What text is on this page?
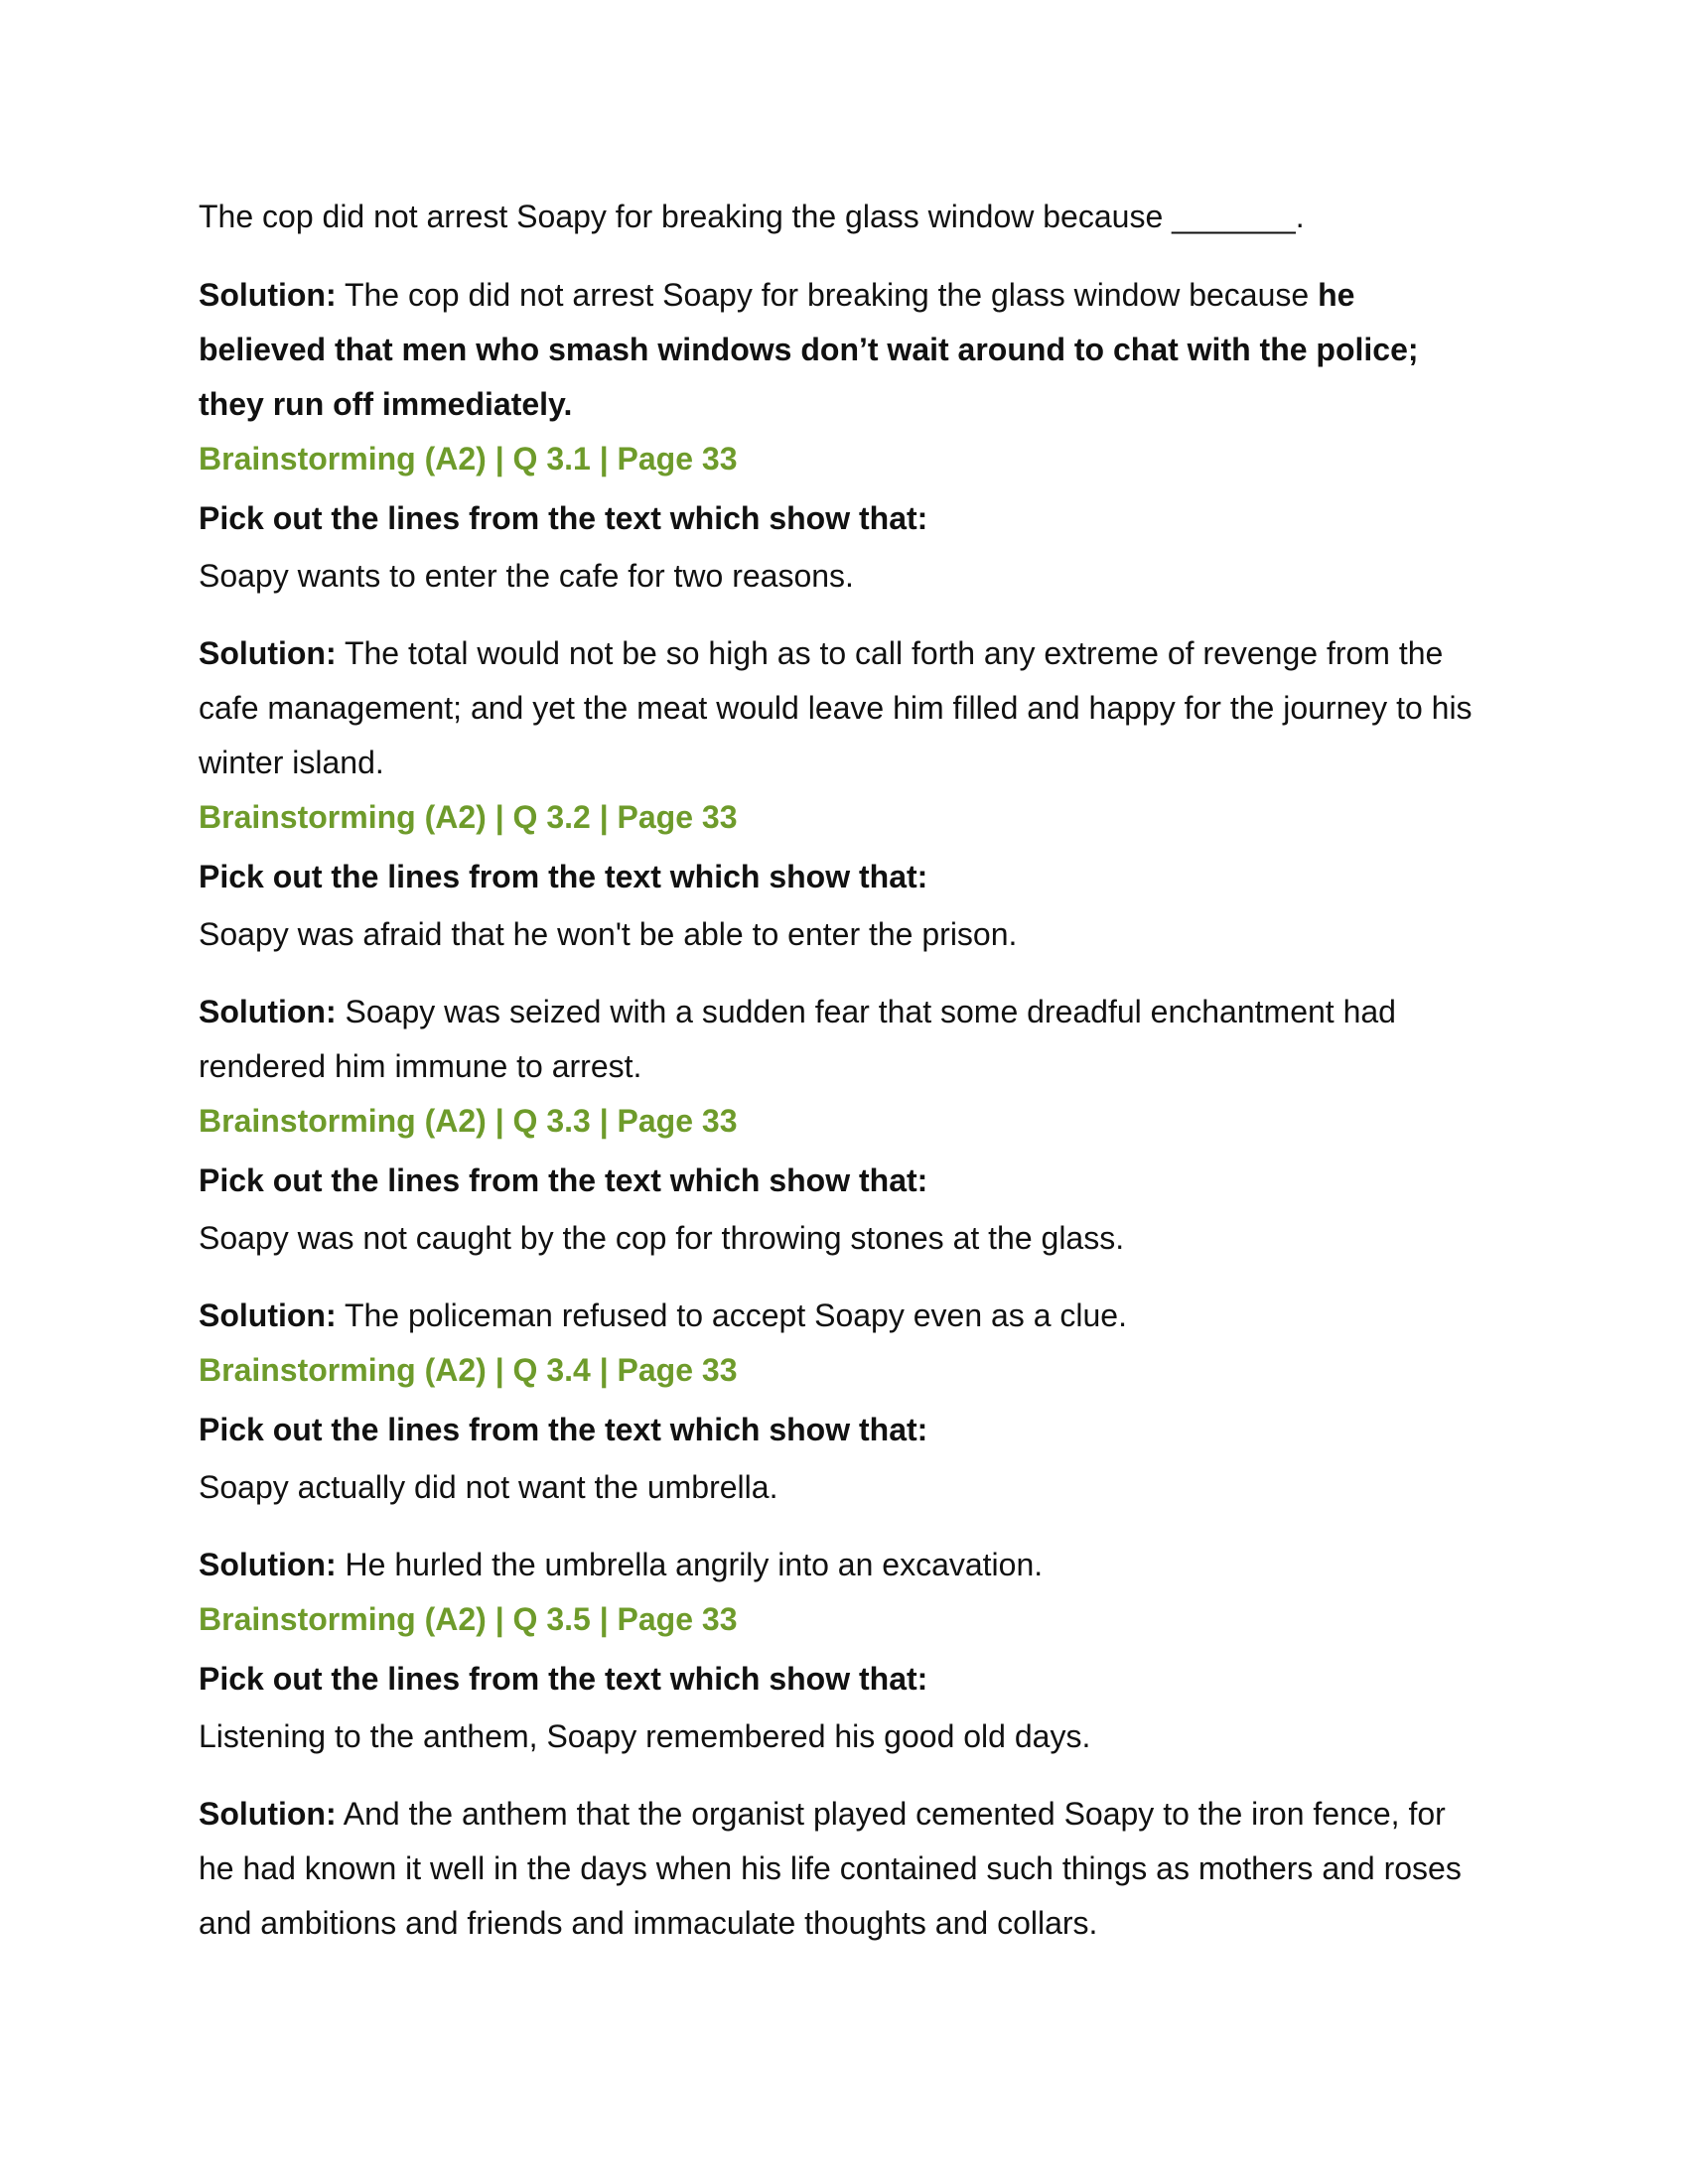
The cop did not arrest Soapy for breaking the glass window because _______.

Solution: The cop did not arrest Soapy for breaking the glass window because he believed that men who smash windows don’t wait around to chat with the police; they run off immediately.

Brainstorming (A2) | Q 3.1 | Page 33
Pick out the lines from the text which show that:
Soapy wants to enter the cafe for two reasons.

Solution: The total would not be so high as to call forth any extreme of revenge from the cafe management; and yet the meat would leave him filled and happy for the journey to his winter island.

Brainstorming (A2) | Q 3.2 | Page 33
Pick out the lines from the text which show that:
Soapy was afraid that he won't be able to enter the prison.

Solution: Soapy was seized with a sudden fear that some dreadful enchantment had rendered him immune to arrest.

Brainstorming (A2) | Q 3.3 | Page 33
Pick out the lines from the text which show that:
Soapy was not caught by the cop for throwing stones at the glass.

Solution: The policeman refused to accept Soapy even as a clue.

Brainstorming (A2) | Q 3.4 | Page 33
Pick out the lines from the text which show that:
Soapy actually did not want the umbrella.

Solution: He hurled the umbrella angrily into an excavation.

Brainstorming (A2) | Q 3.5 | Page 33
Pick out the lines from the text which show that:
Listening to the anthem, Soapy remembered his good old days.

Solution: And the anthem that the organist played cemented Soapy to the iron fence, for he had known it well in the days when his life contained such things as mothers and roses and ambitions and friends and immaculate thoughts and collars.
